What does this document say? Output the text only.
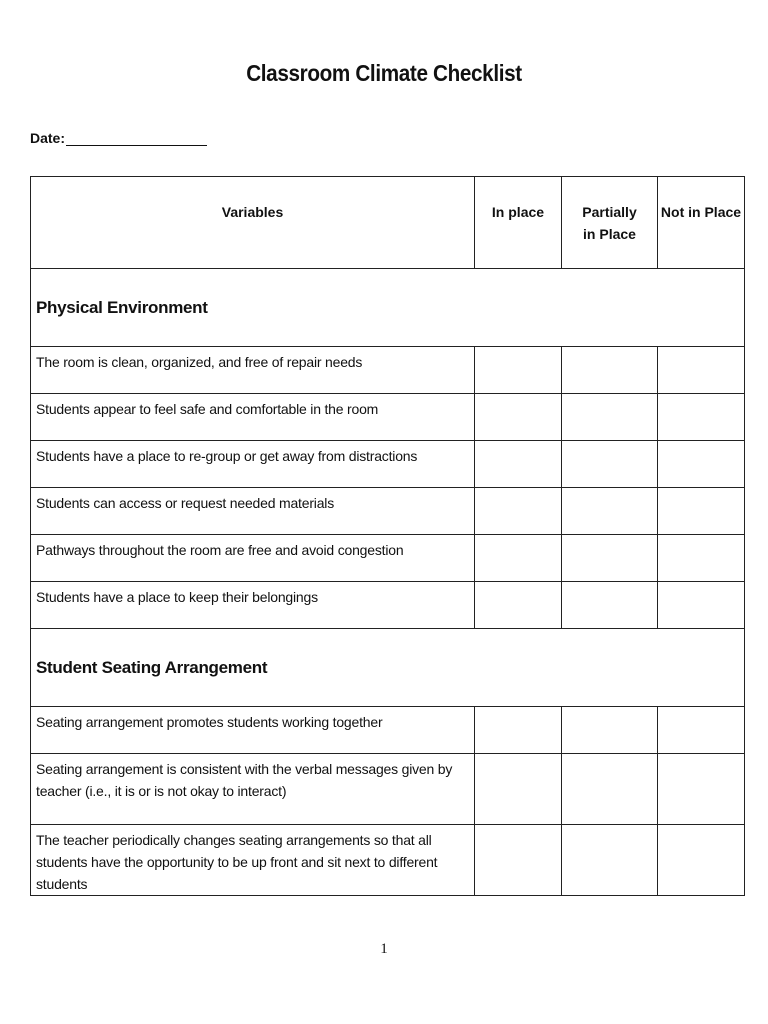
Classroom Climate Checklist
Date:
Variables	In place	Partially in Place	Not in Place
Physical Environment			
The room is clean, organized, and free of repair needs			
Students appear to feel safe and comfortable in the room			
Students have a place to re-group or get away from distractions			
Students can access or request needed materials			
Pathways throughout the room are free and avoid congestion			
Students have a place to keep their belongings			
Student Seating Arrangement			
Seating arrangement promotes students working together			
Seating arrangement is consistent with the verbal messages given by teacher (i.e., it is or is not okay to interact)			
The teacher periodically changes seating arrangements so that all students have the opportunity to be up front and sit next to different students			
1
